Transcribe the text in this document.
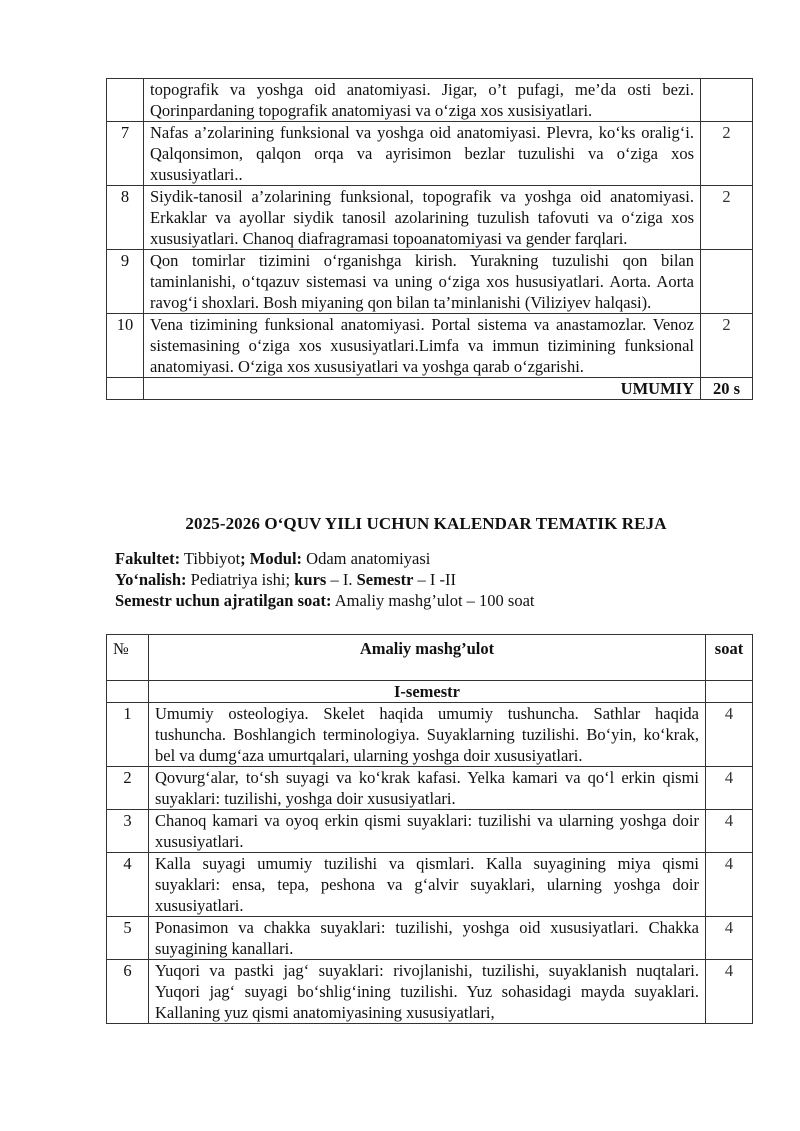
	topografik va yoshga oid anatomiyasi. Jigar, o’t pufagi, me’da osti bezi. Qorinpardaning topografik anatomiyasi va o‘ziga xos xusisiyatlari.	
7	Nafas a’zolarining funksional va yoshga oid anatomiyasi. Plevra, ko‘ks oralig‘i. Qalqonsimon, qalqon orqa va ayrisimon bezlar tuzulishi va o‘ziga xos xususiyatlari..	2
8	Siydik-tanosil a’zolarining funksional, topografik va yoshga oid anatomiyasi. Erkaklar va ayollar siydik tanosil azolarining tuzulish tafovuti va o‘ziga xos xususiyatlari. Chanoq diafragramasi topoanatomiyasi va gender farqlari.	2
9	Qon tomirlar tizimini o‘rganishga kirish. Yurakning tuzulishi qon bilan taminlanishi, o‘tqazuv sistemasi va uning o‘ziga xos hususiyatlari. Aorta. Aorta ravog‘i shoxlari. Bosh miyaning qon bilan ta’minlanishi (Viliziyev halqasi).	
10	Vena tizimining funksional anatomiyasi. Portal sistema va anastamozlar. Venoz sistemasining o‘ziga xos xususiyatlari.Limfa va immun tizimining funksional anatomiyasi. O‘ziga xos xususiyatlari va yoshga qarab o‘zgarishi.	2
	UMUMIY	20 s
2025-2026 O‘QUV YILI UCHUN KALENDAR TEMATIK REJA
Fakultet: Tibbiyot; Modul: Odam anatomiyasi
Yo‘nalish: Pediatriya ishi; kurs – I. Semestr – I -II
Semestr uchun ajratilgan soat: Amaliy mashg’ulot – 100 soat
№	Amaliy mashg’ulot	soat
	I-semestr	
1	Umumiy osteologiya. Skelet haqida umumiy tushuncha. Sathlar haqida tushuncha. Boshlangich terminologiya. Suyaklarning tuzilishi. Bo‘yin, ko‘krak, bel va dumg‘aza umurtqalari, ularning yoshga doir xususiyatlari.	4
2	Qovurg‘alar, to‘sh suyagi va ko‘krak kafasi. Yelka kamari va qo‘l erkin qismi suyaklari: tuzilishi, yoshga doir xususiyatlari.	4
3	Chanoq kamari va oyoq erkin qismi suyaklari: tuzilishi va ularning yoshga doir xususiyatlari.	4
4	Kalla suyagi umumiy tuzilishi va qismlari. Kalla suyagining miya qismi suyaklari: ensa, tepa, peshona va g‘alvir suyaklari, ularning yoshga doir xususiyatlari.	4
5	Ponasimon va chakka suyaklari: tuzilishi, yoshga oid xususiyatlari. Chakka suyagining kanallari.	4
6	Yuqori va pastki jag‘ suyaklari: rivojlanishi, tuzilishi, suyaklanish nuqtalari. Yuqori jag‘ suyagi bo‘shlig‘ining tuzilishi. Yuz sohasidagi mayda suyaklari. Kallaning yuz qismi anatomiyasining xususiyatlari,	4
